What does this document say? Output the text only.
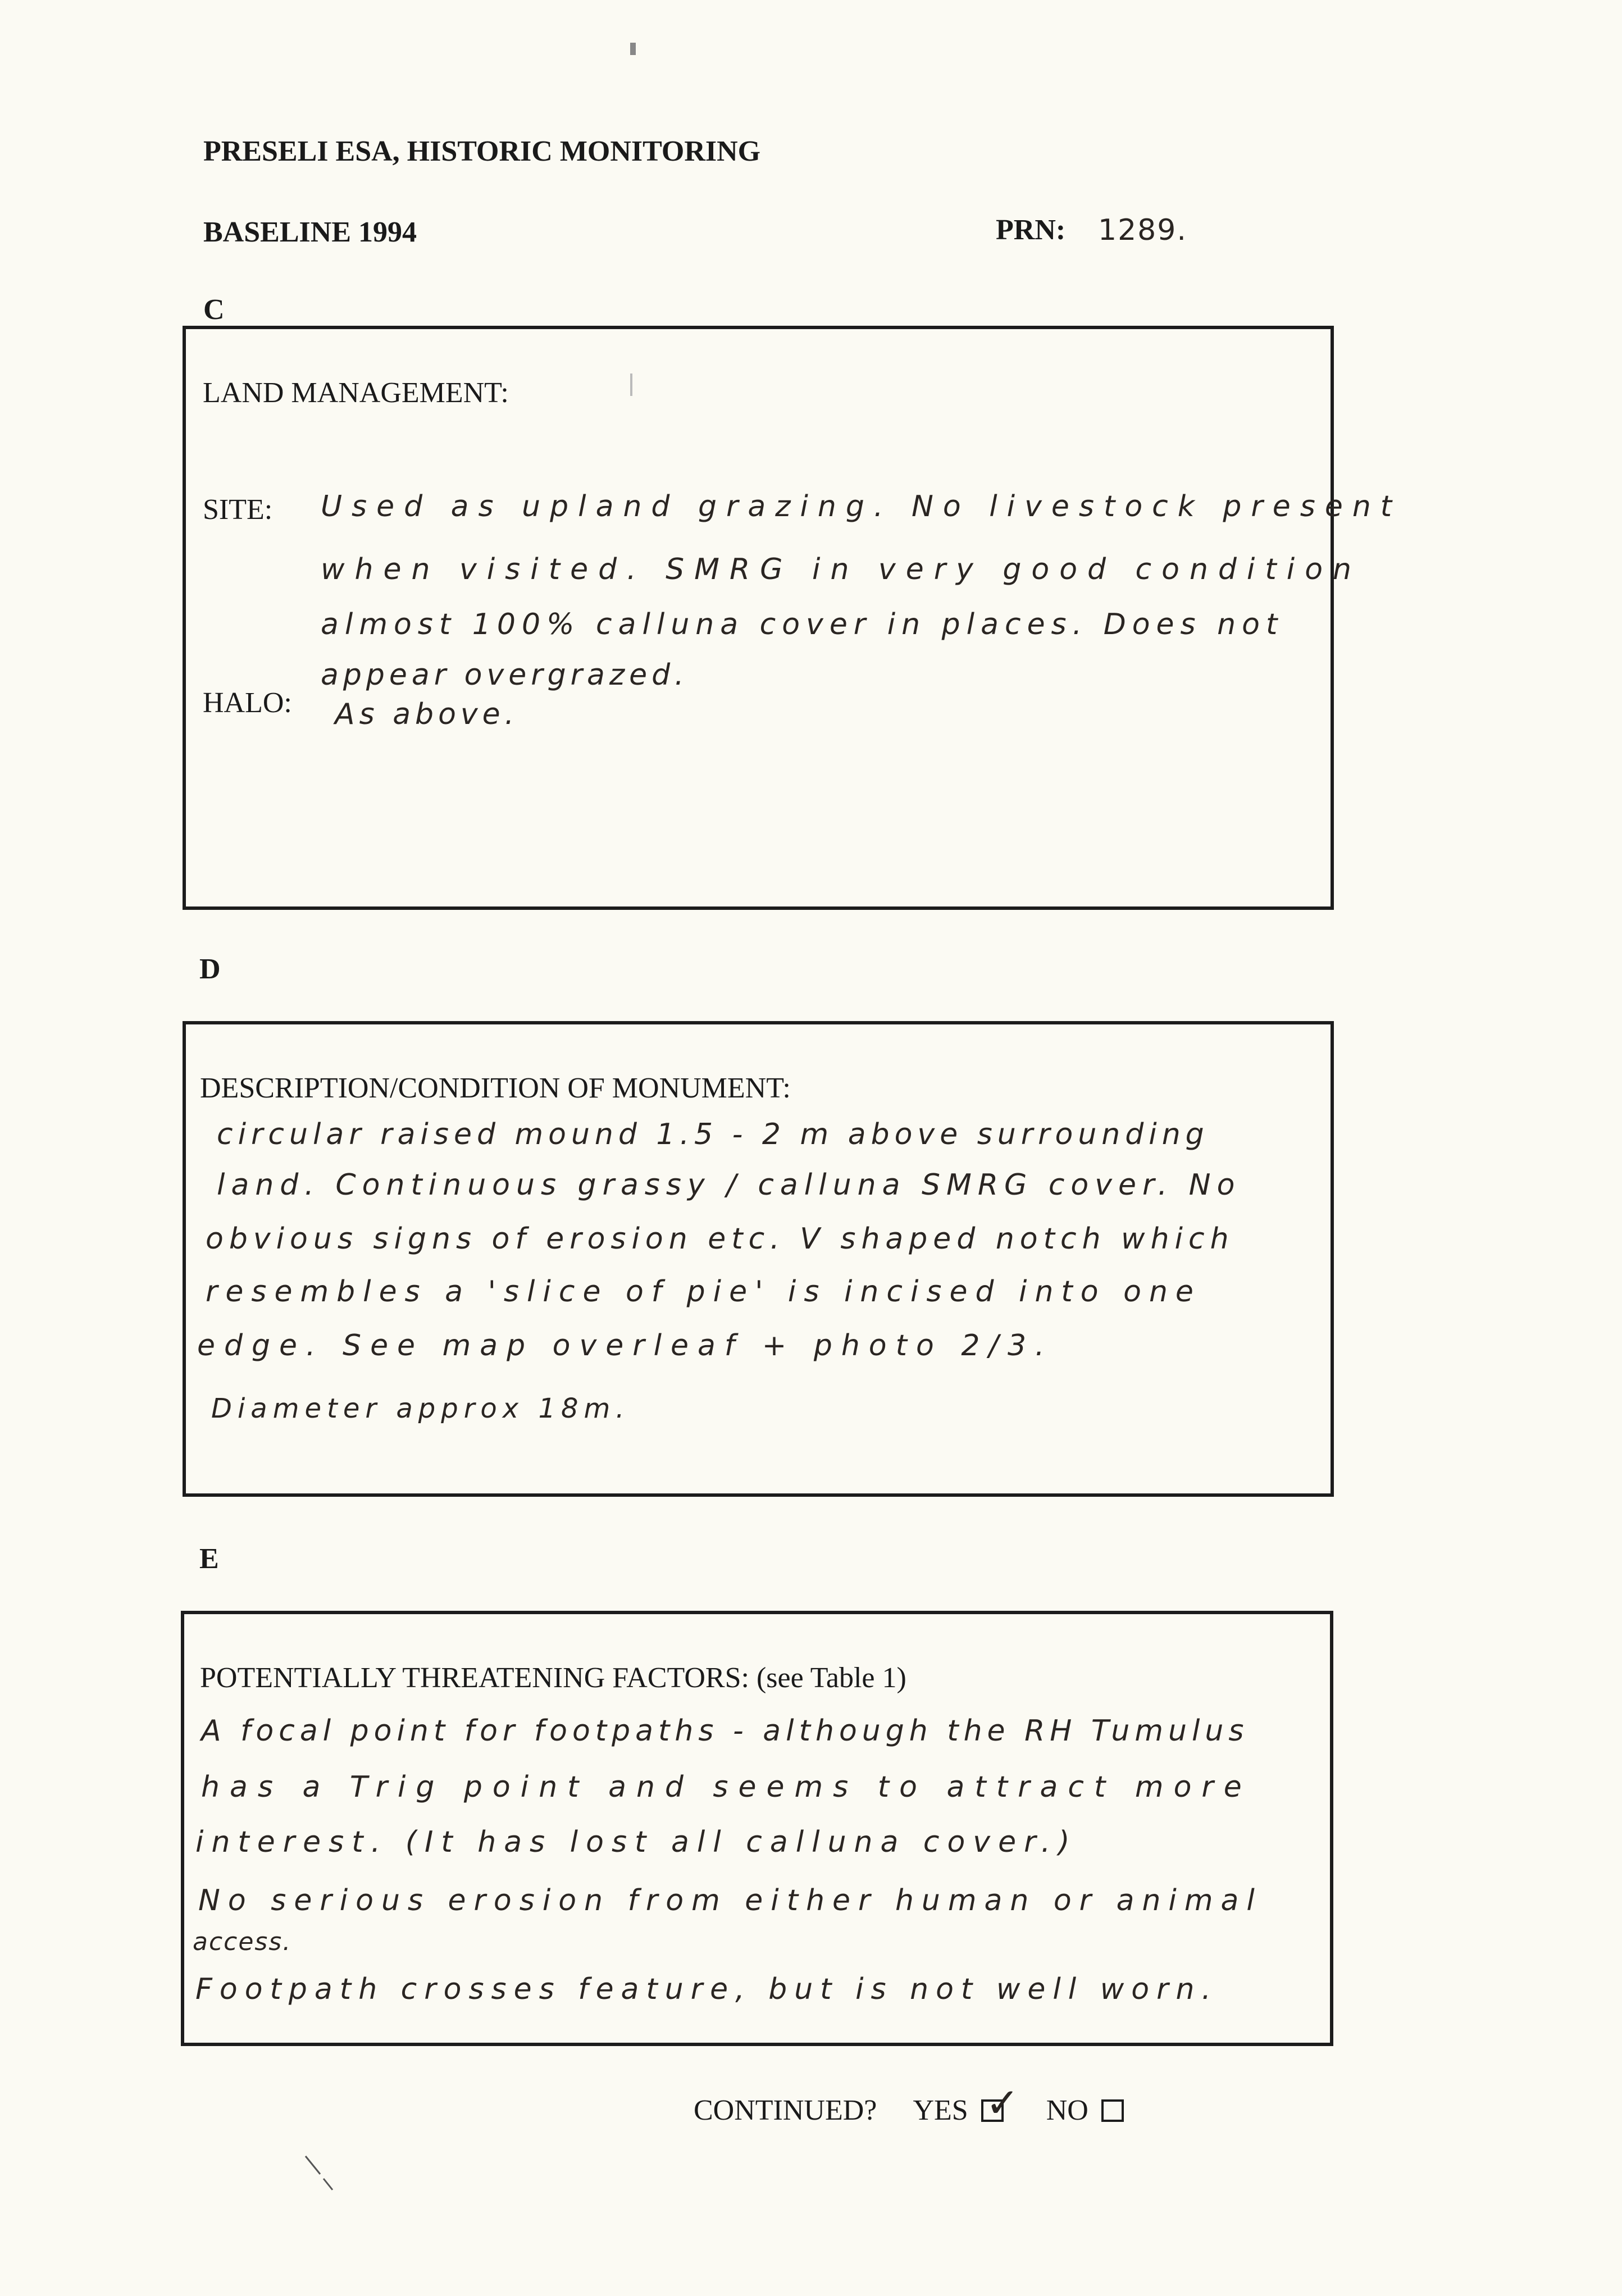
PRESELI ESA, HISTORIC MONITORING
BASELINE 1994	PRN: 1289.
C
LAND MANAGEMENT:
SITE: Used as upland grazing. No livestock present
when visited. SMRG in very good condition
almost 100% calluna cover in places. Does not
appear overgrazed.
HALO: As above.
D
DESCRIPTION/CONDITION OF MONUMENT:
circular raised mound 1.5 - 2 m above surrounding
land. Continuous grassy / calluna SMRG cover. No
obvious signs of erosion etc. V shaped notch which
resembles a 'slice of pie' is incised into one
edge. See map overleaf + photo 2/3.
Diameter approx 18m.
E
POTENTIALLY THREATENING FACTORS: (see Table 1)
A focal point for footpaths - although the RH Tumulus
has a Trig point and seems to attract more
interest. (It has lost all calluna cover.)
No serious erosion from either human or animal
access.
Footpath crosses feature, but is not well worn.
CONTINUED? YES ✓ NO
